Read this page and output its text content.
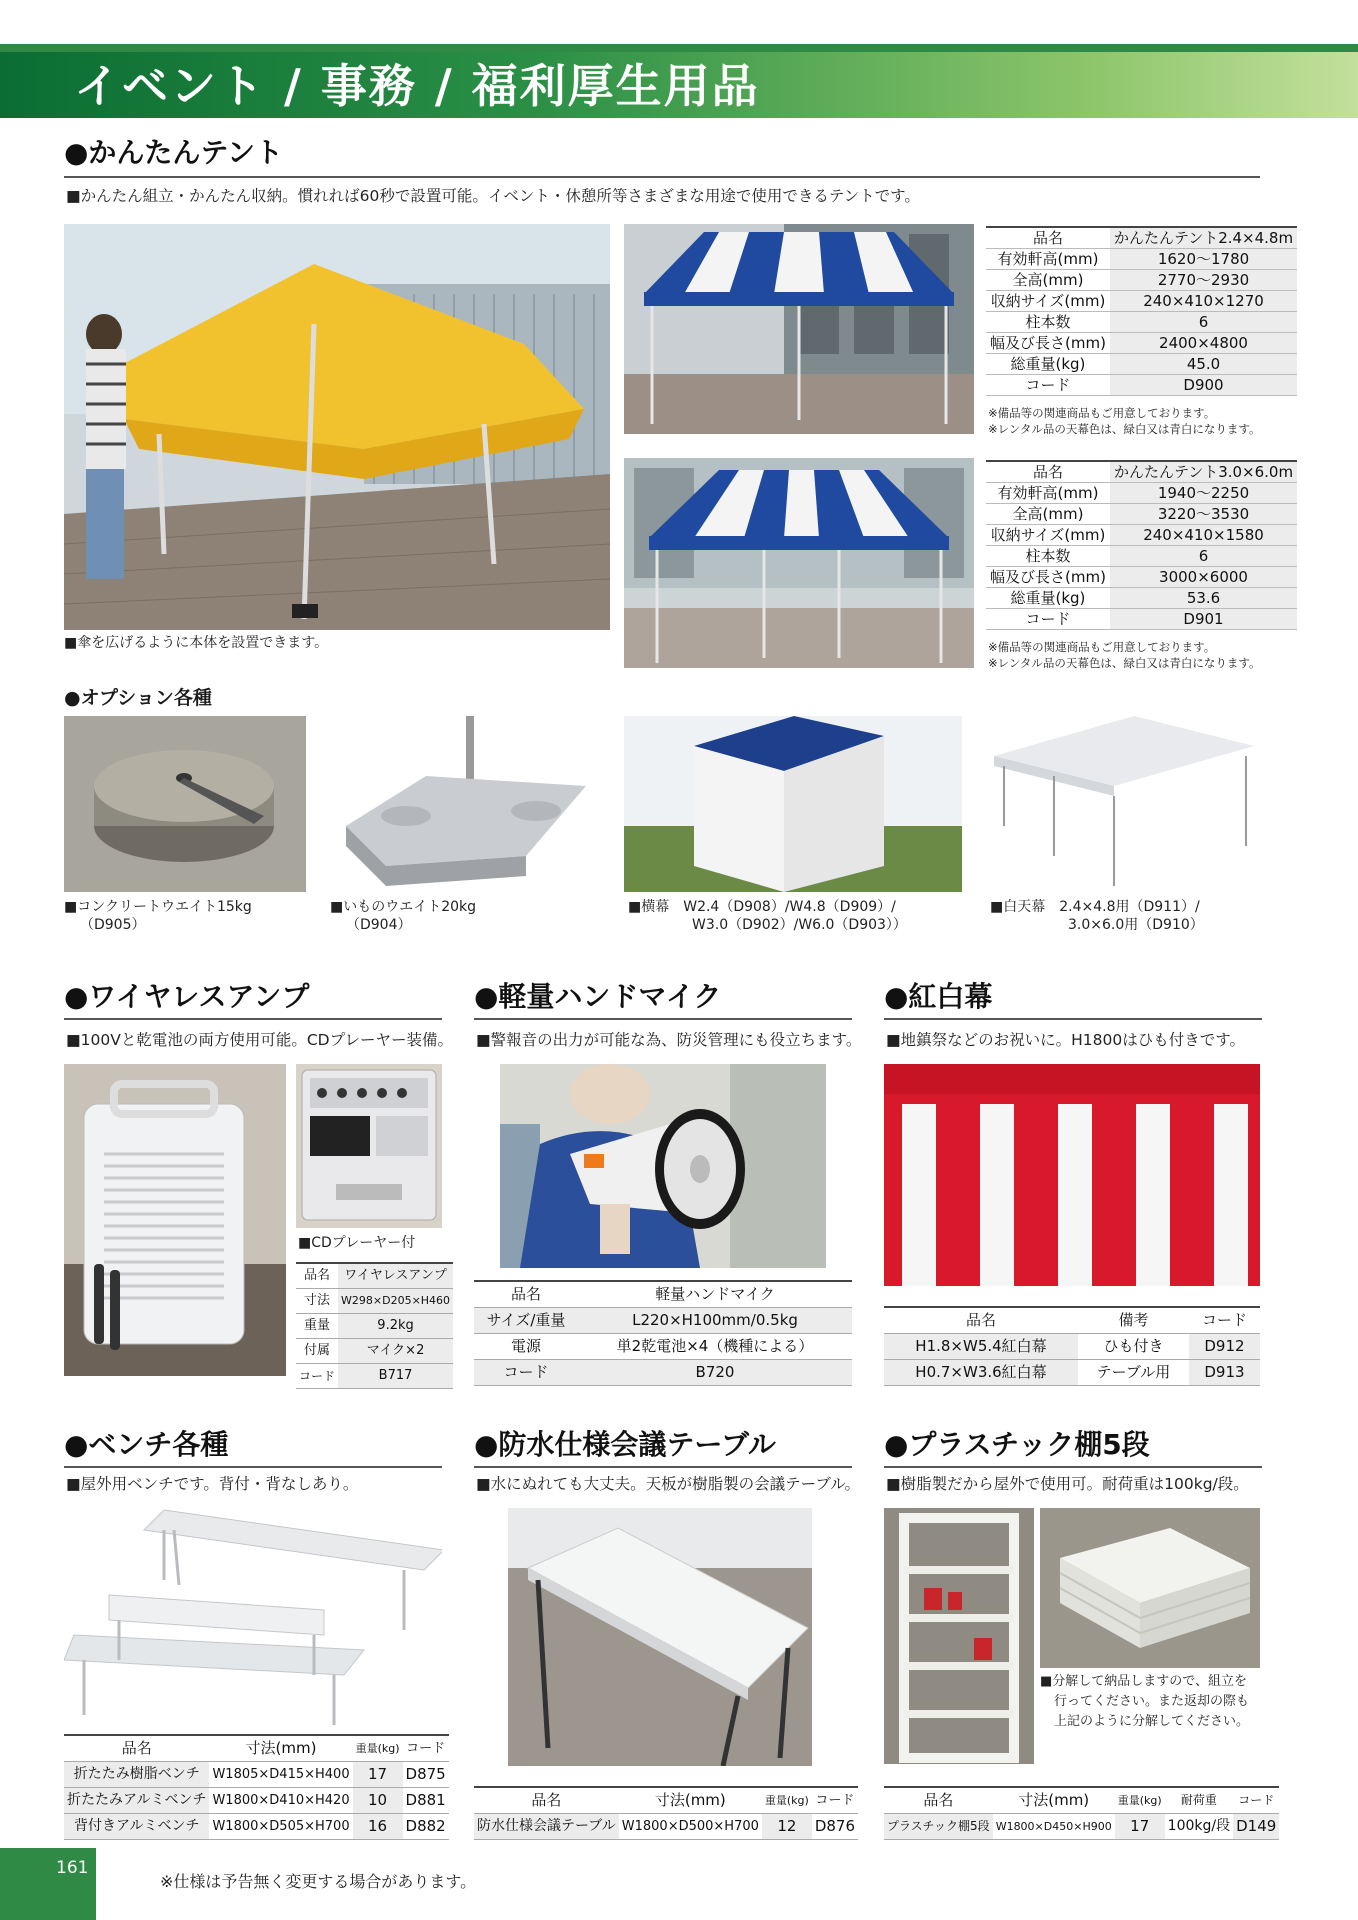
イベント / 事務 / 福利厚生用品
●かんたんテント
■かんたん組立・かんたん収納。慣れれば60秒で設置可能。イベント・休憩所等さまざまな用途で使用できるテントです。
■傘を広げるように本体を設置できます。
品名	かんたんテント2.4×4.8m
有効軒高(mm)	1620～1780
全高(mm)	2770～2930
収納サイズ(mm)	240×410×1270
柱本数	6
幅及び長さ(mm)	2400×4800
総重量(kg)	45.0
コード	D900
※備品等の関連商品もご用意しております。
※レンタル品の天幕色は、緑白又は青白になります。
品名	かんたんテント3.0×6.0m
有効軒高(mm)	1940～2250
全高(mm)	3220～3530
収納サイズ(mm)	240×410×1580
柱本数	6
幅及び長さ(mm)	3000×6000
総重量(kg)	53.6
コード	D901
※備品等の関連商品もご用意しております。
※レンタル品の天幕色は、緑白又は青白になります。
●オプション各種
■コンクリートウエイト15kg
（D905）
■いものウエイト20kg
（D904）
■横幕　W2.4（D908）/W4.8（D909）/
W3.0（D902）/W6.0（D903））
■白天幕　2.4×4.8用（D911）/
3.0×6.0用（D910）
●ワイヤレスアンプ
■100Vと乾電池の両方使用可能。CDプレーヤー装備。
■CDプレーヤー付
品名	ワイヤレスアンプ
寸法	W298×D205×H460
重量	9.2kg
付属	マイク×2
コード	B717
●軽量ハンドマイク
■警報音の出力が可能な為、防災管理にも役立ちます。
品名	軽量ハンドマイク
サイズ/重量	L220×H100mm/0.5kg
電源	単2乾電池×4（機種による）
コード	B720
●紅白幕
■地鎮祭などのお祝いに。H1800はひも付きです。
品名	備考	コード
H1.8×W5.4紅白幕	ひも付き	D912
H0.7×W3.6紅白幕	テーブル用	D913
●ベンチ各種
■屋外用ベンチです。背付・背なしあり。
品名	寸法(mm)	重量(kg)	コード
折たたみ樹脂ベンチ	W1805×D415×H400	17	D875
折たたみアルミベンチ	W1800×D410×H420	10	D881
背付きアルミベンチ	W1800×D505×H700	16	D882
●防水仕様会議テーブル
■水にぬれても大丈夫。天板が樹脂製の会議テーブル。
品名	寸法(mm)	重量(kg)	コード
防水仕様会議テーブル	W1800×D500×H700	12	D876
●プラスチック棚5段
■樹脂製だから屋外で使用可。耐荷重は100kg/段。
■分解して納品しますので、組立を
行ってください。また返却の際も
上記のように分解してください。
品名	寸法(mm)	重量(kg)	耐荷重	コード
プラスチック棚5段	W1800×D450×H900	17	100kg/段	D149
161
※仕様は予告無く変更する場合があります。
